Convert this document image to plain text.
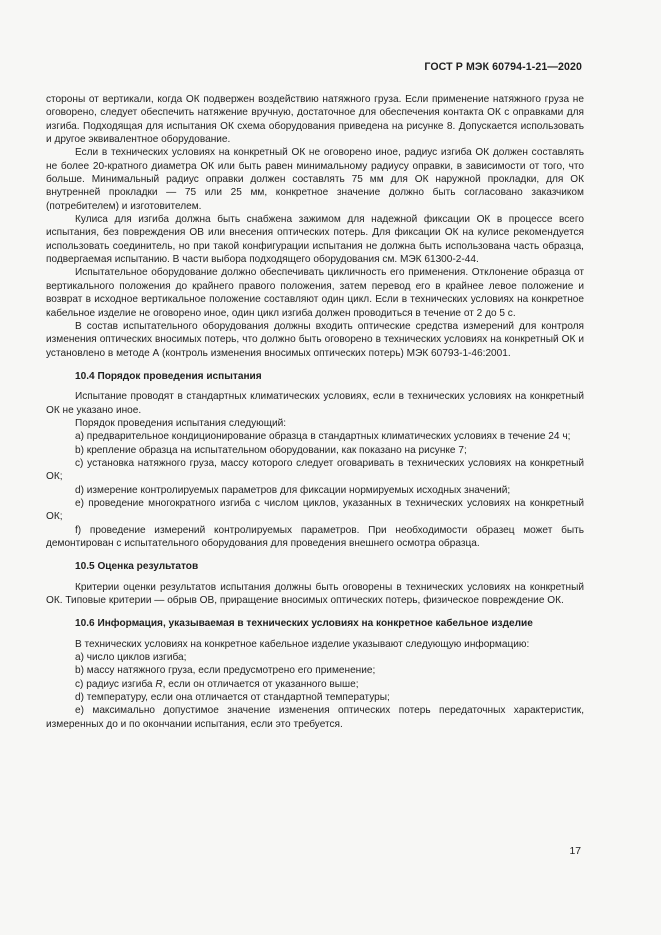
ГОСТ Р МЭК 60794-1-21—2020

стороны от вертикали, когда ОК подвержен воздействию натяжного груза. Если применение натяжного груза не оговорено, следует обеспечить натяжение вручную, достаточное для обеспечения контакта ОК с оправками для изгиба. Подходящая для испытания ОК схема оборудования приведена на рисунке 8. Допускается использовать и другое эквивалентное оборудование.

Если в технических условиях на конкретный ОК не оговорено иное, радиус изгиба ОК должен составлять не более 20-кратного диаметра ОК или быть равен минимальному радиусу оправки, в зависимости от того, что больше. Минимальный радиус оправки должен составлять 75 мм для ОК наружной прокладки, для ОК внутренней прокладки — 75 или 25 мм, конкретное значение должно быть согласовано заказчиком (потребителем) и изготовителем.

Кулиса для изгиба должна быть снабжена зажимом для надежной фиксации ОК в процессе всего испытания, без повреждения ОВ или внесения оптических потерь. Для фиксации ОК на кулисе рекомендуется использовать соединитель, но при такой конфигурации испытания не должна быть использована часть образца, подвергаемая испытанию. В части выбора подходящего оборудования см. МЭК 61300-2-44.

Испытательное оборудование должно обеспечивать цикличность его применения. Отклонение образца от вертикального положения до крайнего правого положения, затем перевод его в крайнее левое положение и возврат в исходное вертикальное положение составляют один цикл. Если в технических условиях на конкретное кабельное изделие не оговорено иное, один цикл изгиба должен проводиться в течение от 2 до 5 с.

В состав испытательного оборудования должны входить оптические средства измерений для контроля изменения оптических вносимых потерь, что должно быть оговорено в технических условиях на конкретный ОК и установлено в методе А (контроль изменения вносимых оптических потерь) МЭК 60793-1-46:2001.

10.4 Порядок проведения испытания

Испытание проводят в стандартных климатических условиях, если в технических условиях на конкретный ОК не указано иное.

Порядок проведения испытания следующий:

a) предварительное кондиционирование образца в стандартных климатических условиях в течение 24 ч;

b) крепление образца на испытательном оборудовании, как показано на рисунке 7;

c) установка натяжного груза, массу которого следует оговаривать в технических условиях на конкретный ОК;

d) измерение контролируемых параметров для фиксации нормируемых исходных значений;

e) проведение многократного изгиба с числом циклов, указанных в технических условиях на конкретный ОК;

f) проведение измерений контролируемых параметров. При необходимости образец может быть демонтирован с испытательного оборудования для проведения внешнего осмотра образца.

10.5 Оценка результатов

Критерии оценки результатов испытания должны быть оговорены в технических условиях на конкретный ОК. Типовые критерии — обрыв ОВ, приращение вносимых оптических потерь, физическое повреждение ОК.

10.6 Информация, указываемая в технических условиях на конкретное кабельное изделие

В технических условиях на конкретное кабельное изделие указывают следующую информацию:

a) число циклов изгиба;

b) массу натяжного груза, если предусмотрено его применение;

c) радиус изгиба R, если он отличается от указанного выше;

d) температуру, если она отличается от стандартной температуры;

e) максимально допустимое значение изменения оптических потерь передаточных характеристик, измеренных до и по окончании испытания, если это требуется.

17
